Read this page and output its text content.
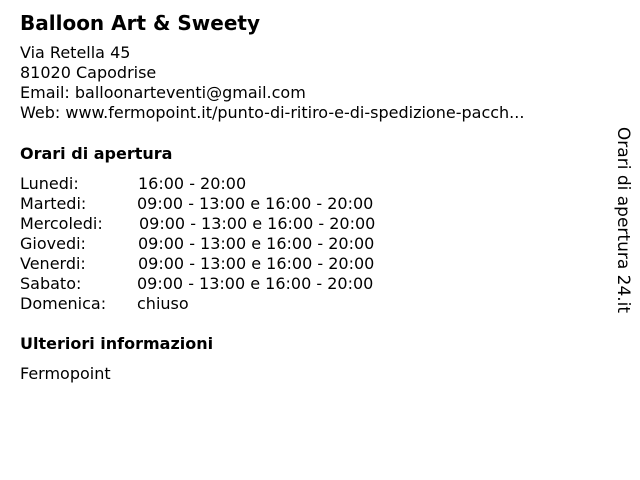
Balloon Art & Sweety
Via Retella 45
81020 Capodrise
Email: balloonarteventi@gmail.com
Web: www.fermopoint.it/punto-di-ritiro-e-di-spedizione-pacch...
Orari di apertura
Lunedi:	16:00 - 20:00
Martedi:	09:00 - 13:00 e 16:00 - 20:00
Mercoledi: 09:00 - 13:00 e 16:00 - 20:00
Giovedi:	09:00 - 13:00 e 16:00 - 20:00
Venerdi:	09:00 - 13:00 e 16:00 - 20:00
Sabato:	09:00 - 13:00 e 16:00 - 20:00
Domenica: chiuso
Ulteriori informazioni
Fermopoint
Orari di apertura 24.it
